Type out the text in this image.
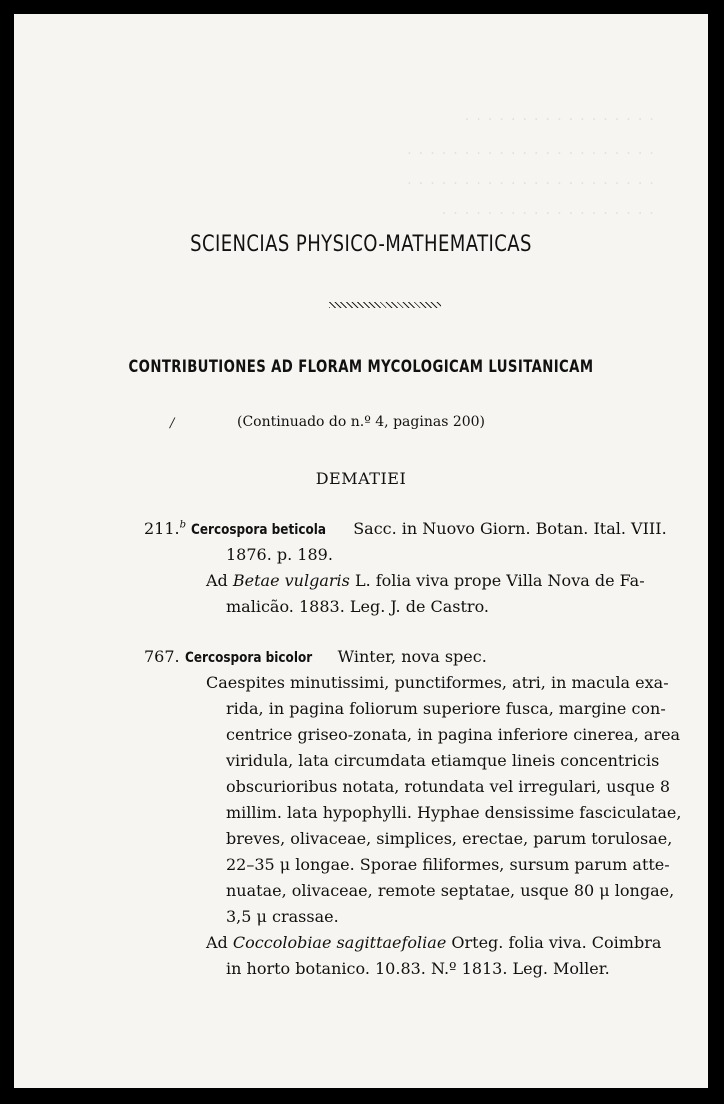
. . . . . . . . . . . . . . . . .
. . . . . . . . . . . . . . . . . . . . . .
. . . . . . . . . . . . . . . . . . . . . .
. . . . . . . . . . . . . . . . . . .
SCIENCIAS PHYSICO-MATHEMATICAS
CONTRIBUTIONES AD FLORAM MYCOLOGICAM LUSITANICAM
/	(Continuado do n.º 4, paginas 200)
DEMATIEI
211.$^b$ Cercospora beticola Sacc. in Nuovo Giorn. Botan. Ital. VIII.
1876. p. 189.
Ad Betae vulgaris L. folia viva prope Villa Nova de Fa-
malicão. 1883. Leg. J. de Castro.
767. Cercospora bicolor Winter, nova spec.
Caespites minutissimi, punctiformes, atri, in macula exa-
rida, in pagina foliorum superiore fusca, margine con-
centrice griseo-zonata, in pagina inferiore cinerea, area
viridula, lata circumdata etiamque lineis concentricis
obscurioribus notata, rotundata vel irregulari, usque 8
millim. lata hypophylli. Hyphae densissime fasciculatae,
breves, olivaceae, simplices, erectae, parum torulosae,
22–35 μ longae. Sporae filiformes, sursum parum atte-
nuatae, olivaceae, remote septatae, usque 80 μ longae,
3,5 μ crassae.
Ad Coccolobiae sagittaefoliae Orteg. folia viva. Coimbra
in horto botanico. 10.83. N.º 1813. Leg. Moller.
